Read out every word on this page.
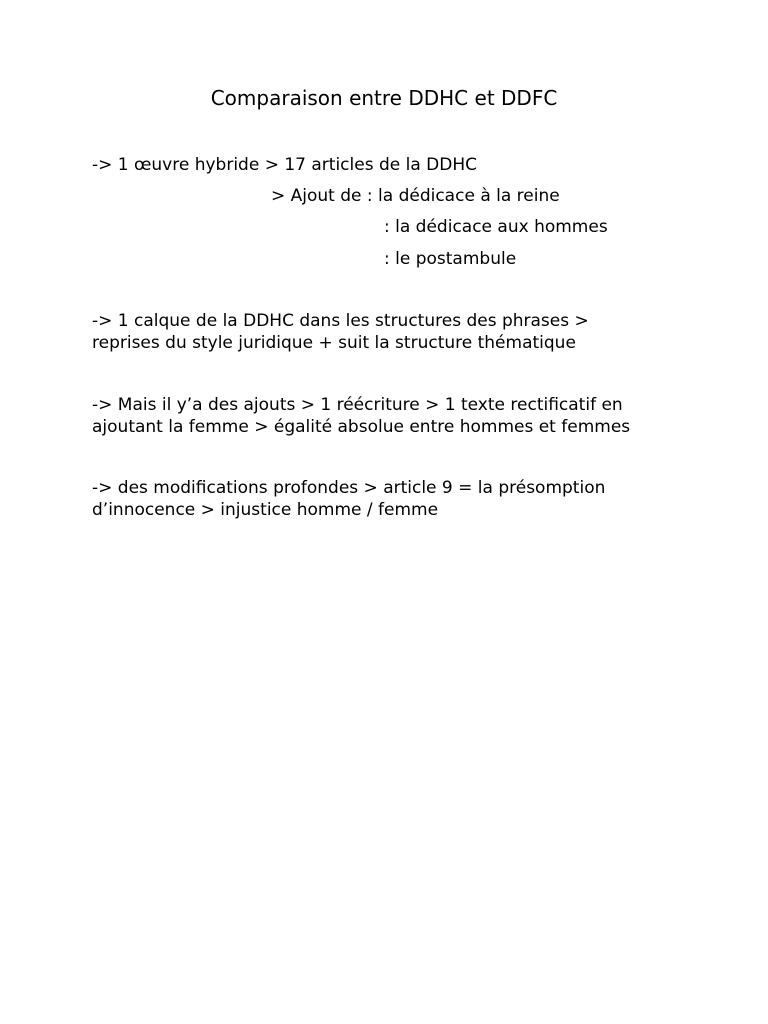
Comparaison entre DDHC et DDFC
-> 1 œuvre hybride > 17 articles de la DDHC
> Ajout de : la dédicace à la reine
: la dédicace aux hommes
: le postambule
-> 1 calque de la DDHC dans les structures des phrases >
reprises du style juridique + suit la structure thématique
-> Mais il y’a des ajouts > 1 réécriture > 1 texte rectificatif en
ajoutant la femme > égalité absolue entre hommes et femmes
-> des modifications profondes > article 9 = la présomption
d’innocence > injustice homme / femme
